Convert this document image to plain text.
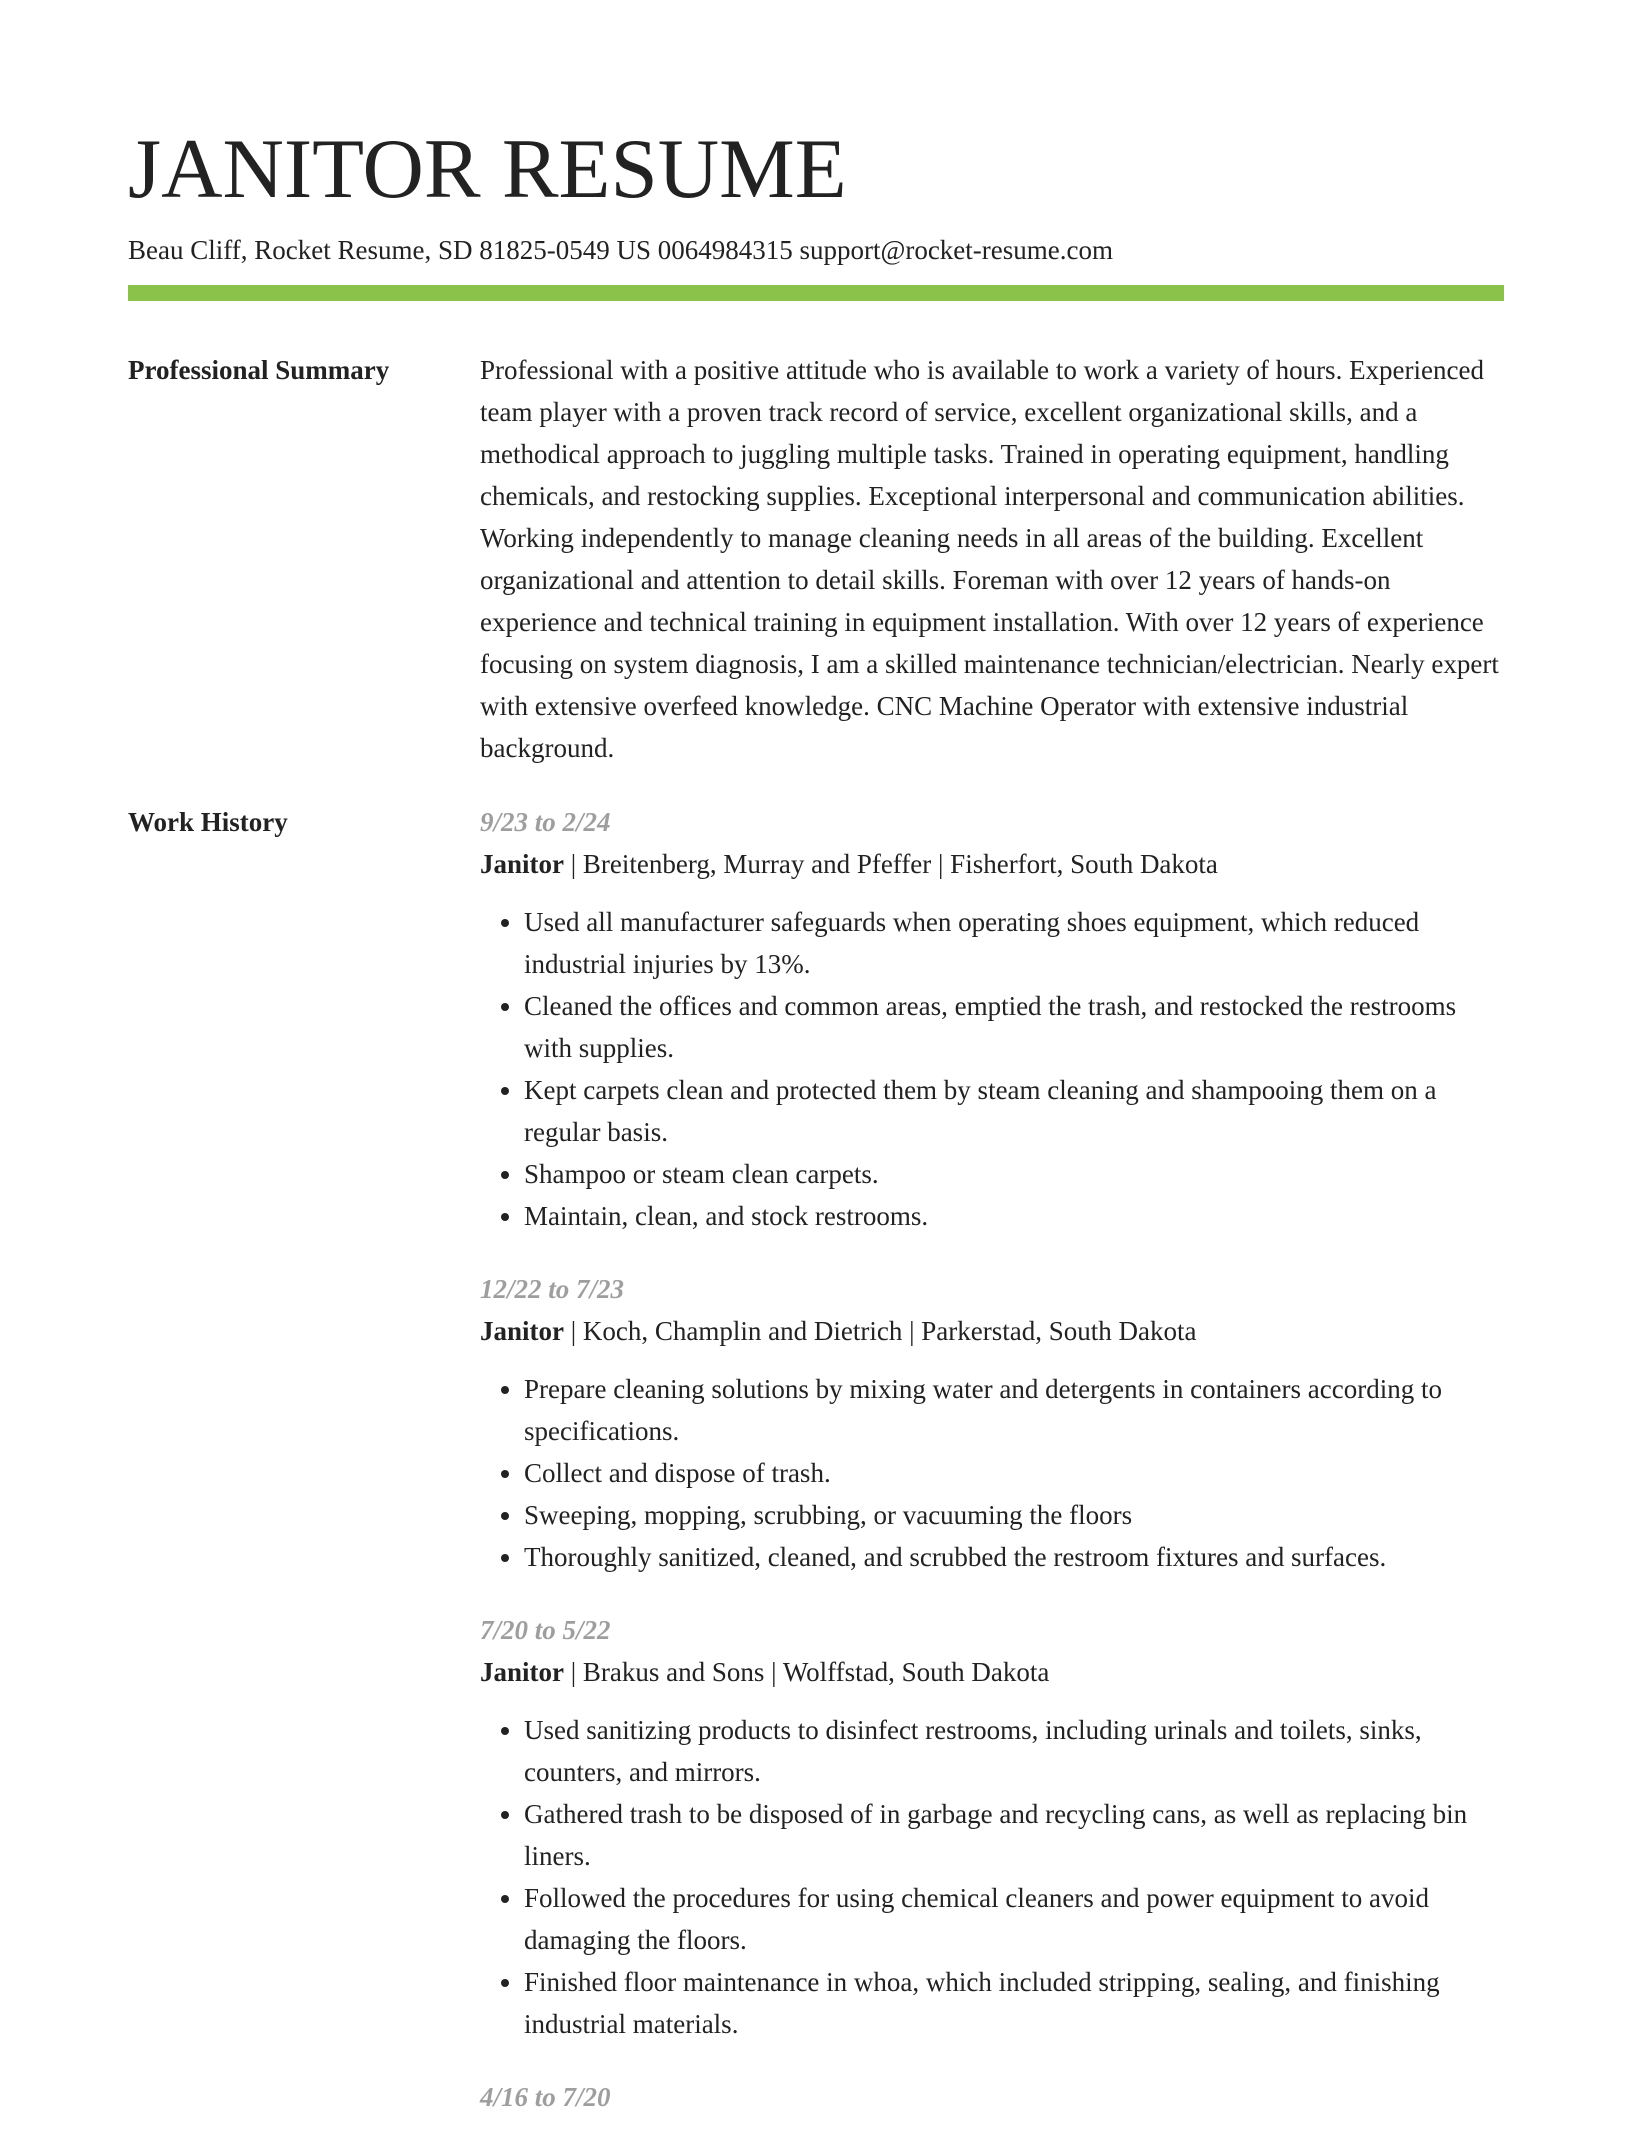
JANITOR RESUME
Beau Cliff, Rocket Resume, SD 81825-0549 US 0064984315 support@rocket-resume.com
Professional Summary	Professional with a positive attitude who is available to work a variety of hours. Experienced team player with a proven track record of service, excellent organizational skills, and a methodical approach to juggling multiple tasks. Trained in operating equipment, handling chemicals, and restocking supplies. Exceptional interpersonal and communication abilities. Working independently to manage cleaning needs in all areas of the building. Excellent organizational and attention to detail skills. Foreman with over 12 years of hands-on experience and technical training in equipment installation. With over 12 years of experience focusing on system diagnosis, I am a skilled maintenance technician/electrician. Nearly expert with extensive overfeed knowledge. CNC Machine Operator with extensive industrial background.

Work History	9/23 to 2/24
Janitor | Breitenberg, Murray and Pfeffer | Fisherfort, South Dakota
• Used all manufacturer safeguards when operating shoes equipment, which reduced industrial injuries by 13%.
• Cleaned the offices and common areas, emptied the trash, and restocked the restrooms with supplies.
• Kept carpets clean and protected them by steam cleaning and shampooing them on a regular basis.
• Shampoo or steam clean carpets.
• Maintain, clean, and stock restrooms.
12/22 to 7/23
Janitor | Koch, Champlin and Dietrich | Parkerstad, South Dakota
• Prepare cleaning solutions by mixing water and detergents in containers according to specifications.
• Collect and dispose of trash.
• Sweeping, mopping, scrubbing, or vacuuming the floors
• Thoroughly sanitized, cleaned, and scrubbed the restroom fixtures and surfaces.
7/20 to 5/22
Janitor | Brakus and Sons | Wolffstad, South Dakota
• Used sanitizing products to disinfect restrooms, including urinals and toilets, sinks, counters, and mirrors.
• Gathered trash to be disposed of in garbage and recycling cans, as well as replacing bin liners.
• Followed the procedures for using chemical cleaners and power equipment to avoid damaging the floors.
• Finished floor maintenance in whoa, which included stripping, sealing, and finishing industrial materials.
4/16 to 7/20
